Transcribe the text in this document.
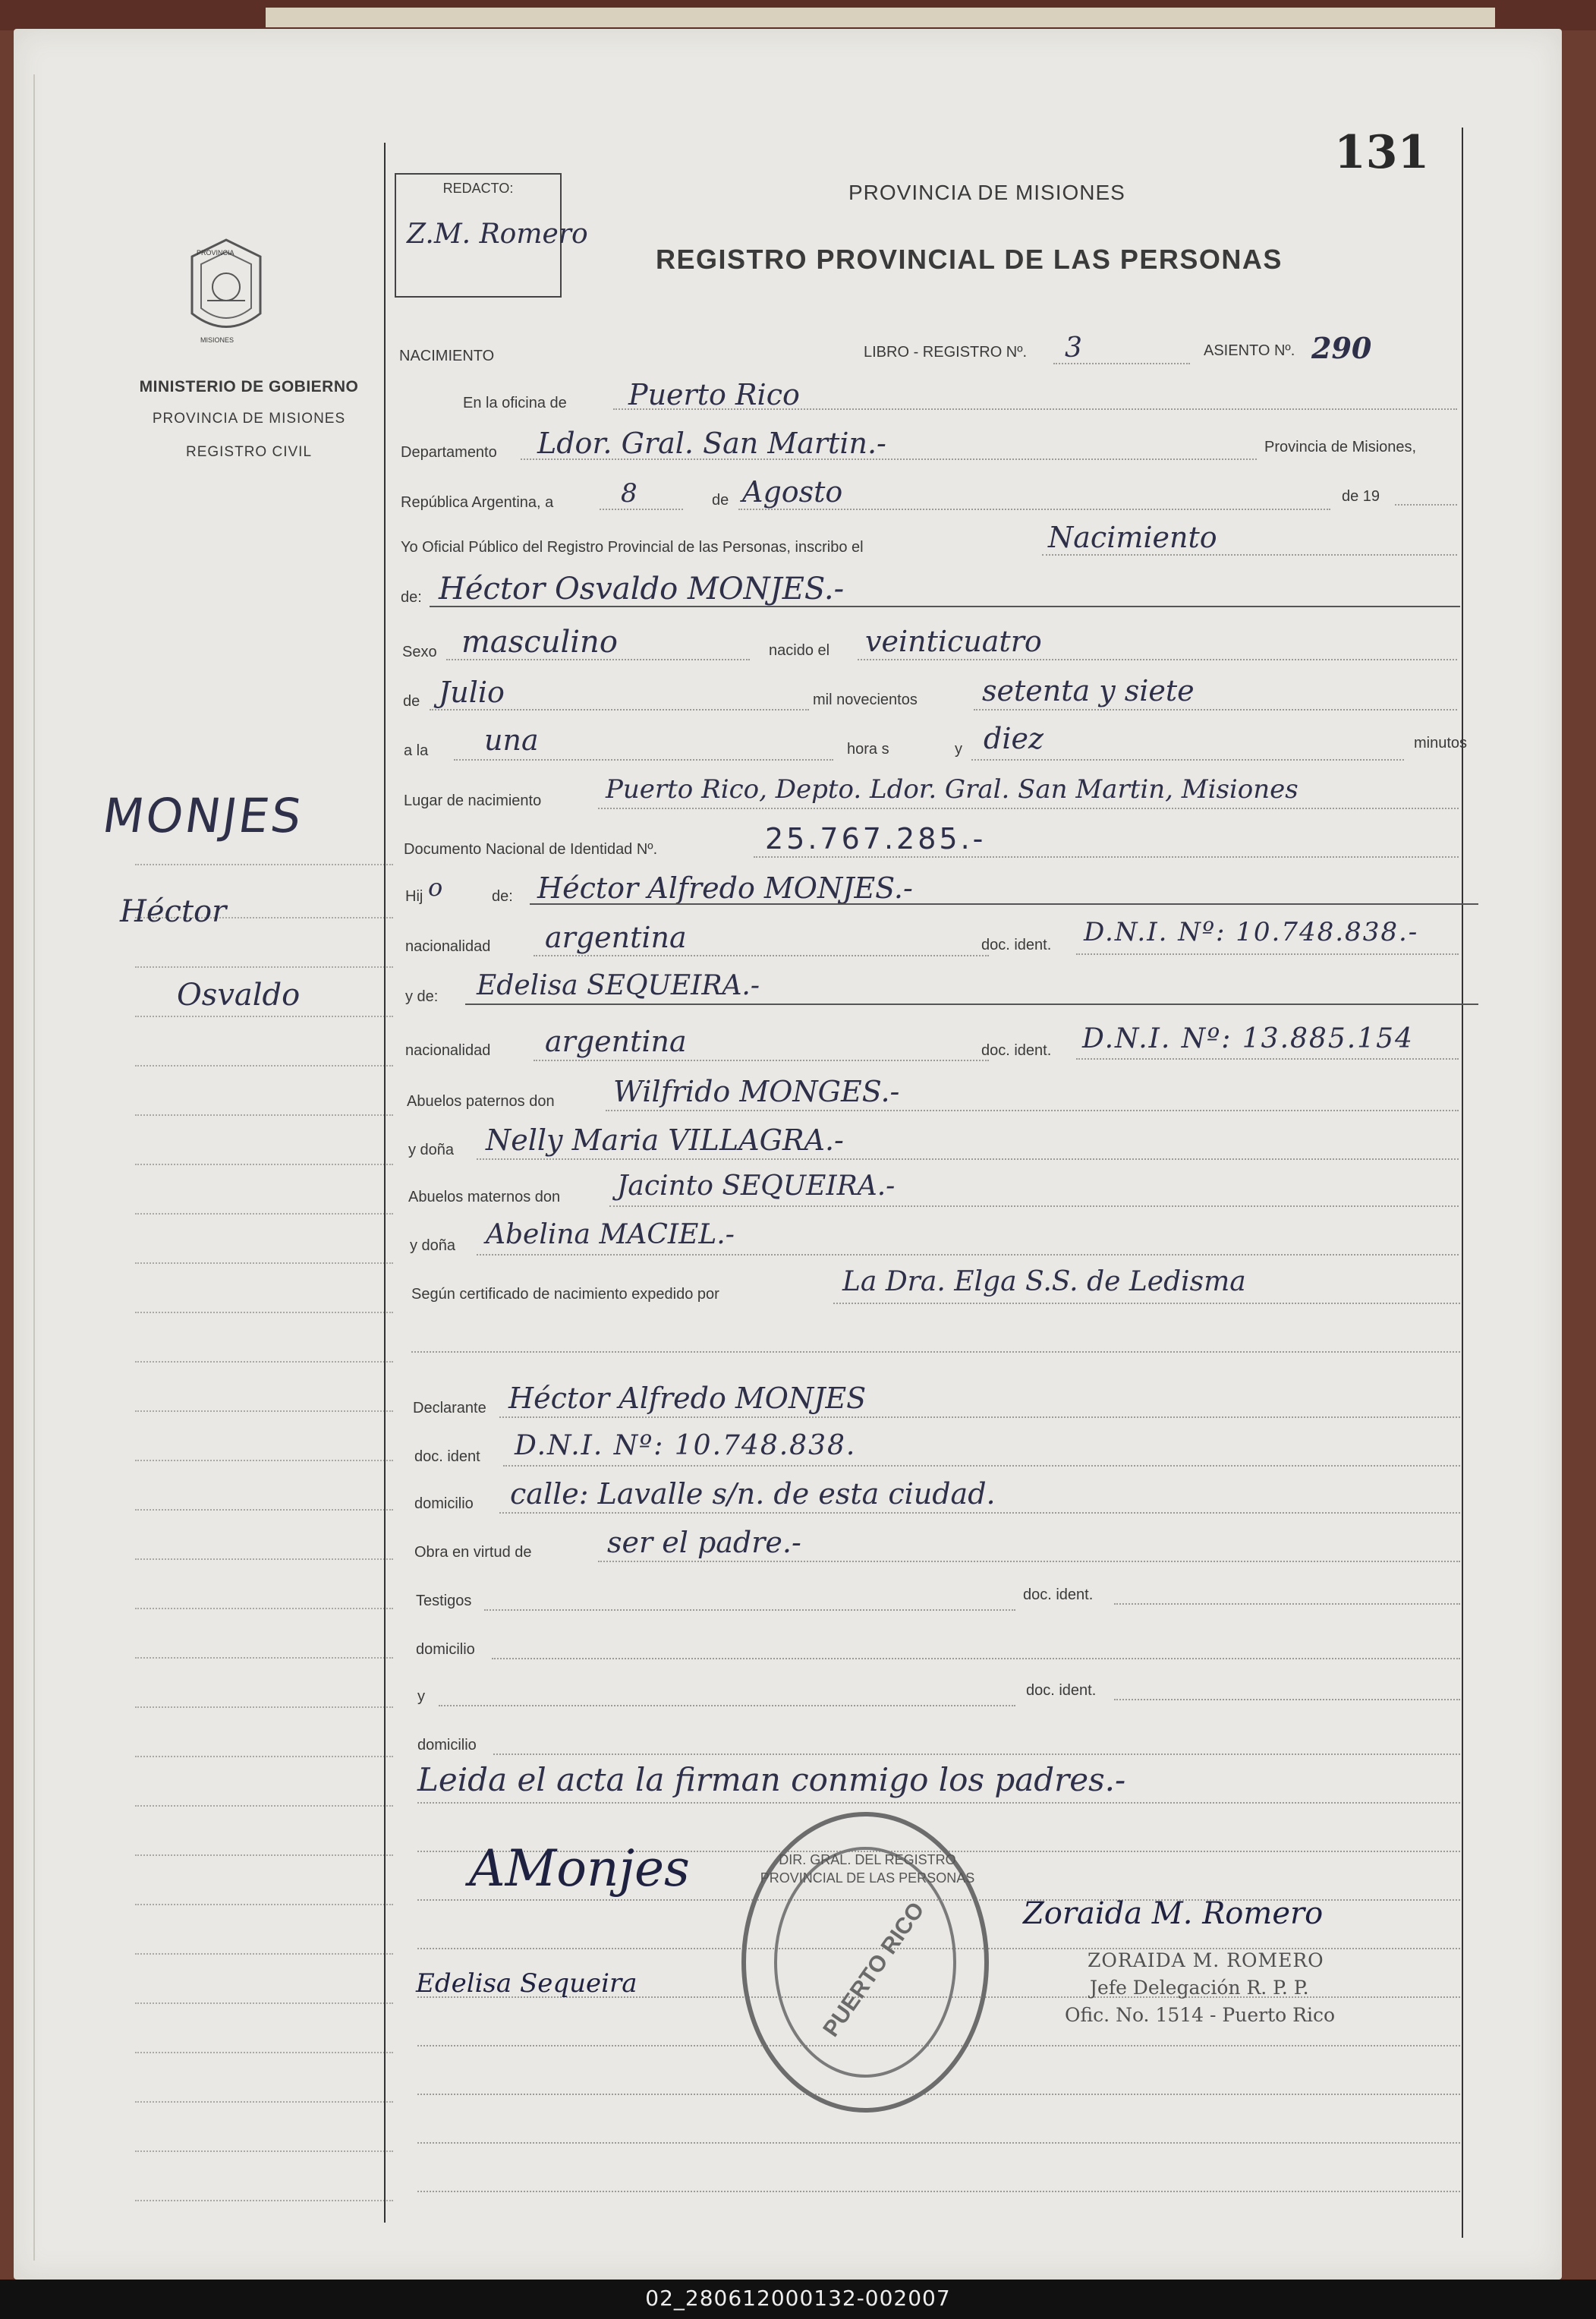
PROVINCIA
MISIONES
MINISTERIO DE GOBIERNO
PROVINCIA DE MISIONES
REGISTRO CIVIL
MONJES
Héctor
Osvaldo
REDACTO:
Z.M. Romero
131
PROVINCIA DE MISIONES
REGISTRO PROVINCIAL DE LAS PERSONAS
NACIMIENTO	LIBRO - REGISTRO Nº. 3	ASIENTO Nº. 290
En la oficina de Puerto Rico
Departamento Ldor. Gral. San Martin.-	Provincia de Misiones,
República Argentina, a	8	de Agosto	de 19
Yo Oficial Público del Registro Provincial de las Personas, inscribo el	Nacimiento
de: Héctor Osvaldo MONJES.-
Sexo masculino	nacido el veinticuatro
de Julio	mil novecientos setenta y siete
a la una	hora s	y diez	minutos
Lugar de nacimiento Puerto Rico, Depto. Ldor. Gral. San Martin, Misiones
Documento Nacional de Identidad Nº.	25.767.285.-
Hij o	de: Héctor Alfredo MONJES.-
nacionalidad argentina	doc. ident. D.N.I. Nº: 10.748.838.-
y de: Edelisa SEQUEIRA.-
nacionalidad argentina	doc. ident. D.N.I. Nº: 13.885.154
Abuelos paternos don Wilfrido MONGES.-
y doña Nelly Maria VILLAGRA.-
Abuelos maternos don Jacinto SEQUEIRA.-
y doña Abelina MACIEL.-
Según certificado de nacimiento expedido por	La Dra. Elga S.S. de Ledisma
Declarante Héctor Alfredo MONJES
doc. ident D.N.I. Nº: 10.748.838.
domicilio calle: Lavalle s/n. de esta ciudad.
Obra en virtud de	ser el padre.-
Testigos	doc. ident.
domicilio
y	doc. ident.
domicilio
Leida el acta la firman conmigo los padres.-
AMonjes
Edelisa Sequeira
DIR. GRAL. DEL REGISTRO PROVINCIAL DE LAS PERSONAS
PUERTO RICO	Zoraida M. Romero
ZORAIDA M. ROMERO
Jefe Delegación R. P. P.
Ofic. No. 1514 - Puerto Rico
02_280612000132-002007
